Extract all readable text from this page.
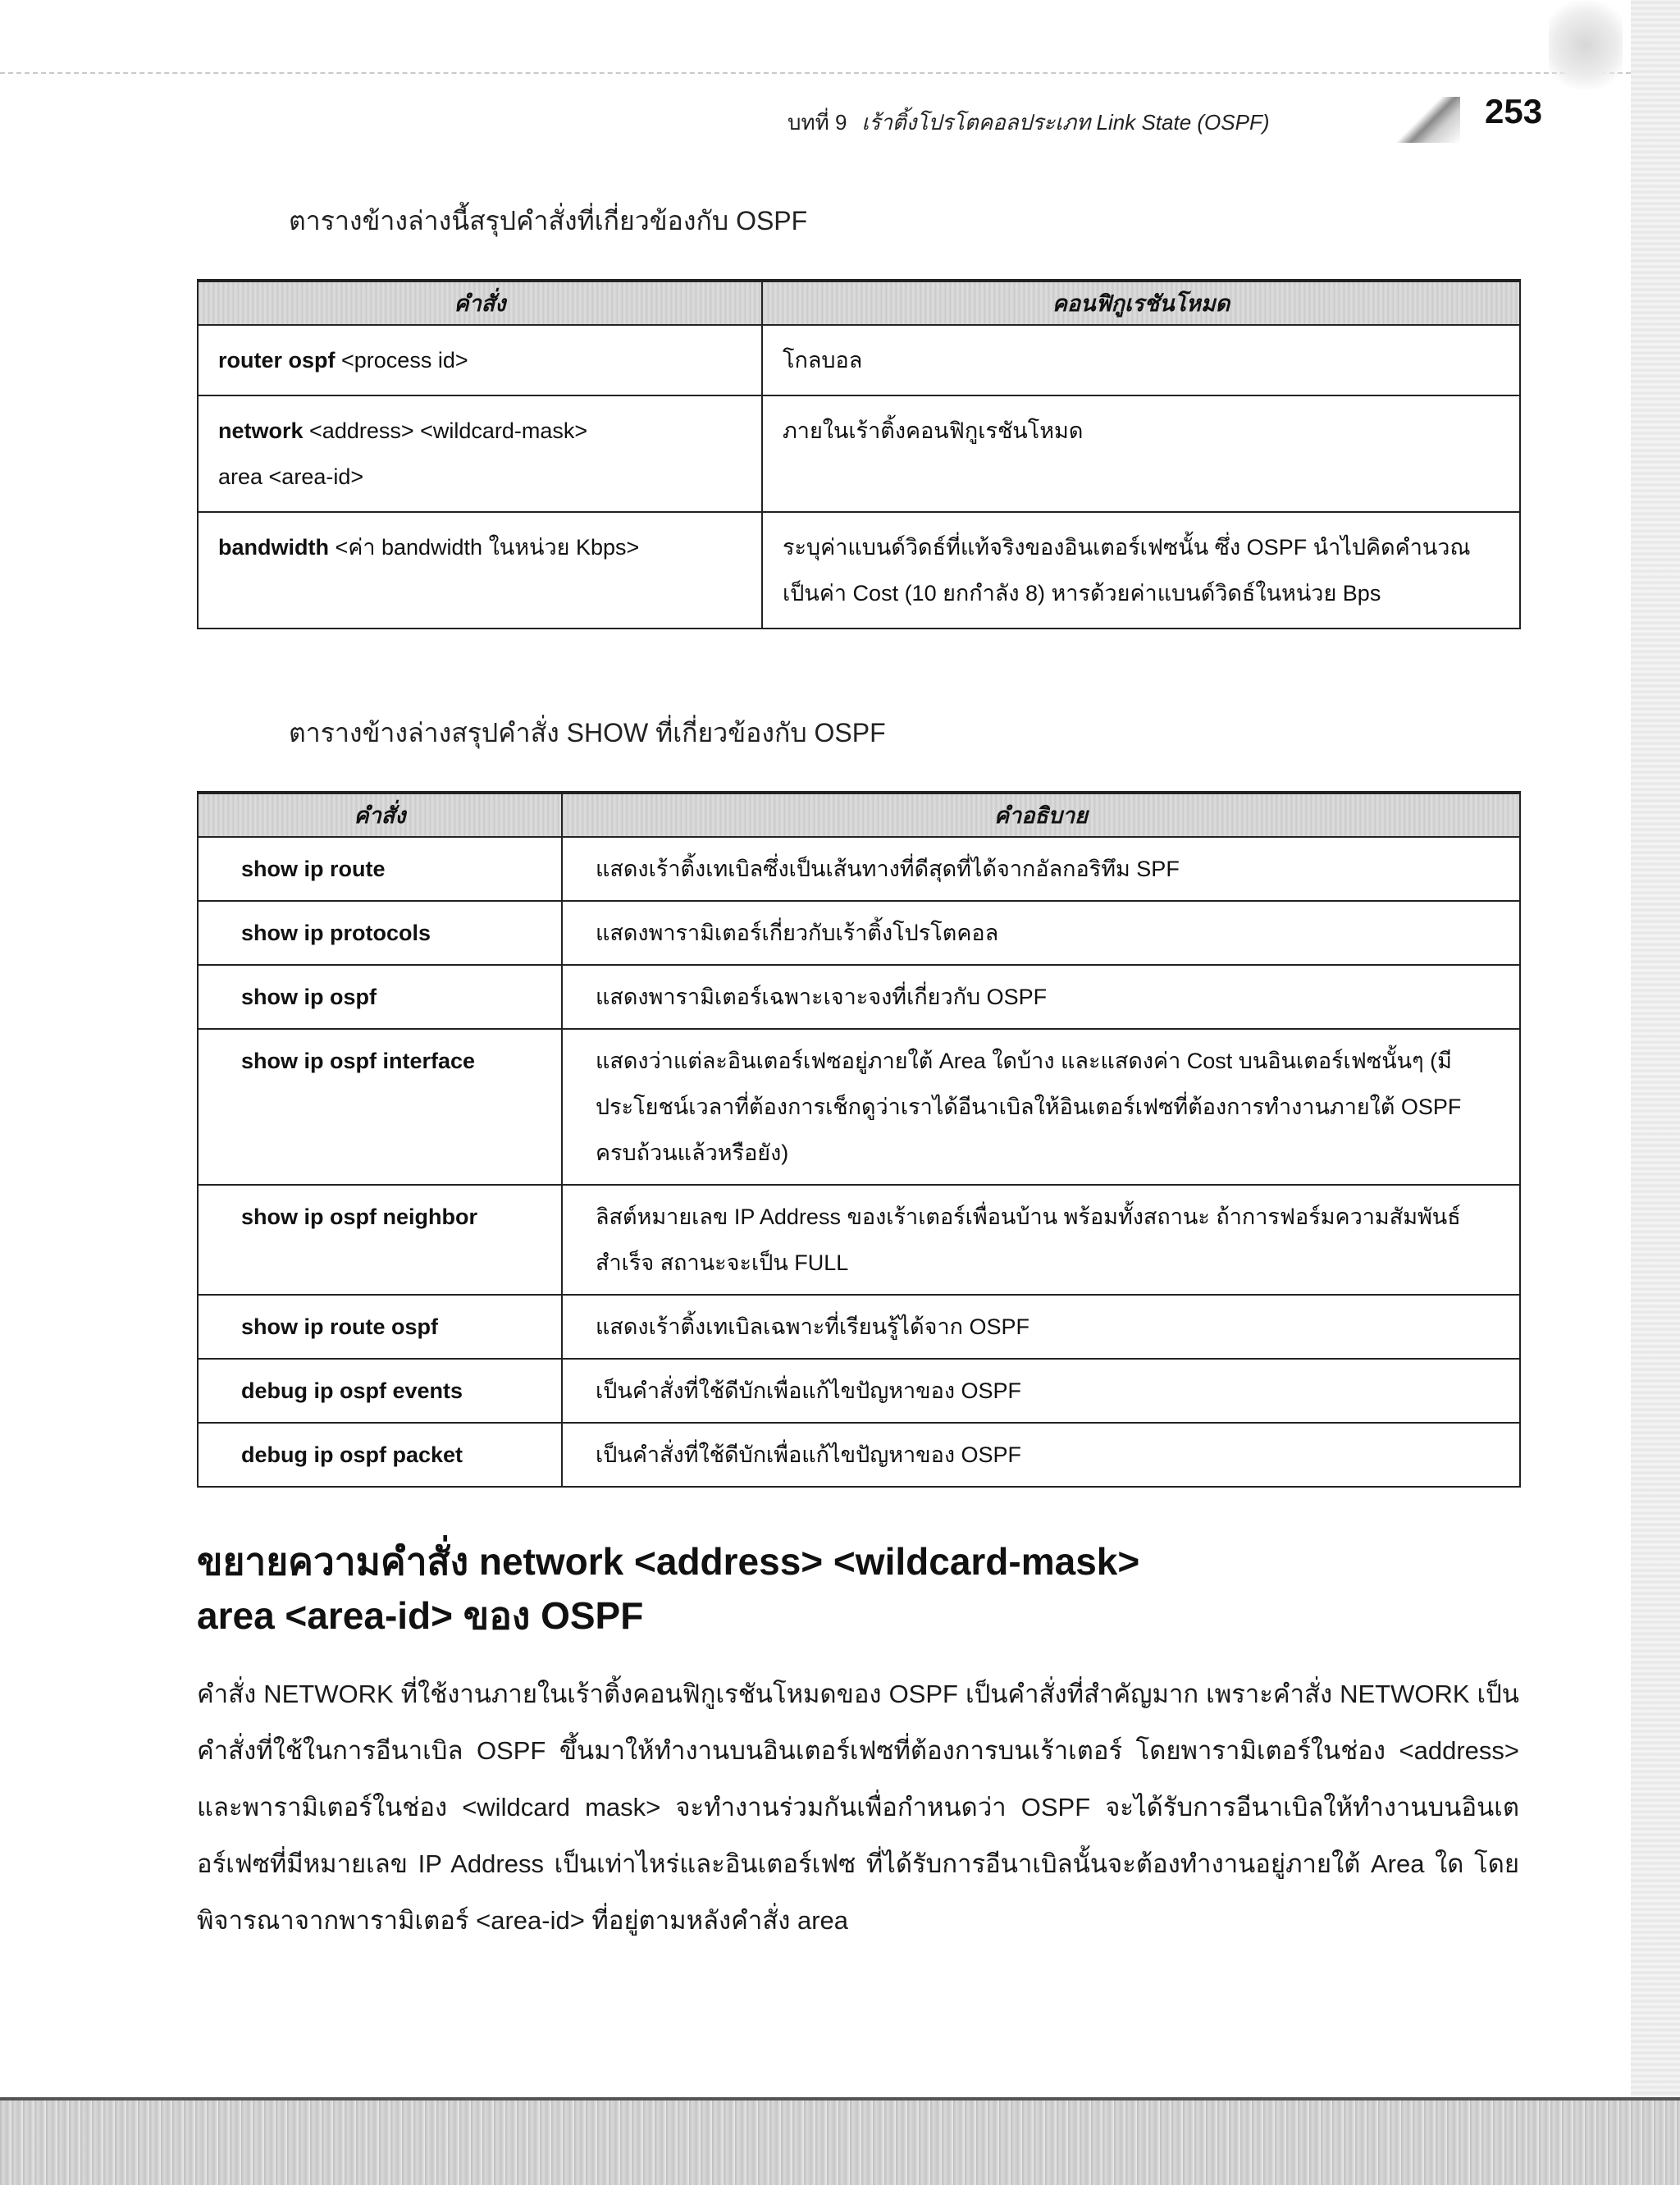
บทที่ 9 เร้าติ้งโปรโตคอลประเภท Link State (OSPF)	253
ตารางข้างล่างนี้สรุปคำสั่งที่เกี่ยวข้องกับ OSPF
คำสั่ง	คอนฟิกูเรชันโหมด
router ospf <process id>	โกลบอล
network <address> <wildcard-mask>
area <area-id>	ภายในเร้าติ้งคอนฟิกูเรชันโหมด
bandwidth <ค่า bandwidth ในหน่วย Kbps>	ระบุค่าแบนด์วิดธ์ที่แท้จริงของอินเตอร์เฟซนั้น ซึ่ง OSPF นำไปคิดคำนวณเป็นค่า Cost (10 ยกกำลัง 8) หารด้วยค่าแบนด์วิดธ์ในหน่วย Bps
ตารางข้างล่างสรุปคำสั่ง SHOW ที่เกี่ยวข้องกับ OSPF
คำสั่ง	คำอธิบาย
show ip route	แสดงเร้าติ้งเทเบิลซึ่งเป็นเส้นทางที่ดีสุดที่ได้จากอัลกอริทึม SPF
show ip protocols	แสดงพารามิเตอร์เกี่ยวกับเร้าติ้งโปรโตคอล
show ip ospf	แสดงพารามิเตอร์เฉพาะเจาะจงที่เกี่ยวกับ OSPF
show ip ospf interface	แสดงว่าแต่ละอินเตอร์เฟซอยู่ภายใต้ Area ใดบ้าง และแสดงค่า Cost บนอินเตอร์เฟซนั้นๆ (มีประโยชน์เวลาที่ต้องการเช็กดูว่าเราได้อีนาเบิลให้อินเตอร์เฟซที่ต้องการทำงานภายใต้ OSPF ครบถ้วนแล้วหรือยัง)
show ip ospf neighbor	ลิสต์หมายเลข IP Address ของเร้าเตอร์เพื่อนบ้าน พร้อมทั้งสถานะ ถ้าการฟอร์มความสัมพันธ์สำเร็จ สถานะจะเป็น FULL
show ip route ospf	แสดงเร้าติ้งเทเบิลเฉพาะที่เรียนรู้ได้จาก OSPF
debug ip ospf events	เป็นคำสั่งที่ใช้ดีบักเพื่อแก้ไขปัญหาของ OSPF
debug ip ospf packet	เป็นคำสั่งที่ใช้ดีบักเพื่อแก้ไขปัญหาของ OSPF
ขยายความคำสั่ง network <address> <wildcard-mask>
area <area-id> ของ OSPF
คำสั่ง NETWORK ที่ใช้งานภายในเร้าติ้งคอนฟิกูเรชันโหมดของ OSPF เป็นคำสั่งที่สำคัญมาก เพราะคำสั่ง NETWORK เป็นคำสั่งที่ใช้ในการอีนาเบิล OSPF ขึ้นมาให้ทำงานบนอินเตอร์เฟซที่ต้องการบนเร้าเตอร์ โดยพารามิเตอร์ในช่อง <address> และพารามิเตอร์ในช่อง <wildcard mask> จะทำงานร่วมกันเพื่อกำหนดว่า OSPF จะได้รับการอีนาเบิลให้ทำงานบนอินเตอร์เฟซที่มีหมายเลข IP Address เป็นเท่าไหร่และอินเตอร์เฟซ ที่ได้รับการอีนาเบิลนั้นจะต้องทำงานอยู่ภายใต้ Area ใด โดยพิจารณาจากพารามิเตอร์ <area-id> ที่อยู่ตามหลังคำสั่ง area
